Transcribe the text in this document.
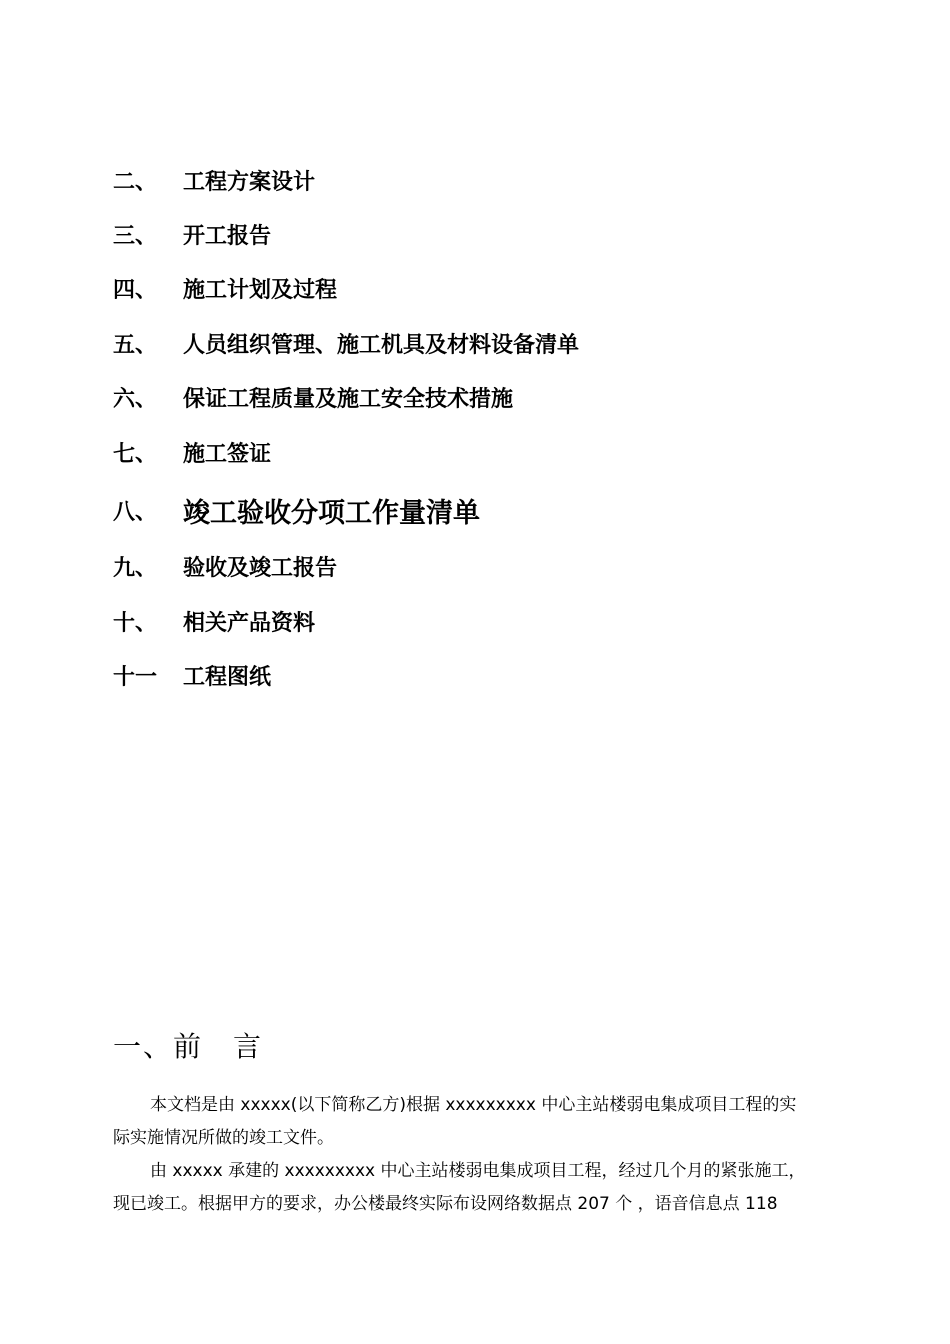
二、	工程方案设计
三、	开工报告
四、	施工计划及过程
五、	人员组织管理、施工机具及材料设备清单
六、	保证工程质量及施工安全技术措施
七、	施工签证
八、 竣工验收分项工作量清单
九、	验收及竣工报告
十、	相关产品资料
十一	工程图纸
一、前 言
本文档是由 xxxxx(以下简称乙方)根据 xxxxxxxxx 中心主站楼弱电集成项目工程的实
际实施情况所做的竣工文件。
由 xxxxx 承建的 xxxxxxxxx 中心主站楼弱电集成项目工程，经过几个月的紧张施工，
现已竣工。根据甲方的要求，办公楼最终实际布设网络数据点 207 个 ，语音信息点 118
